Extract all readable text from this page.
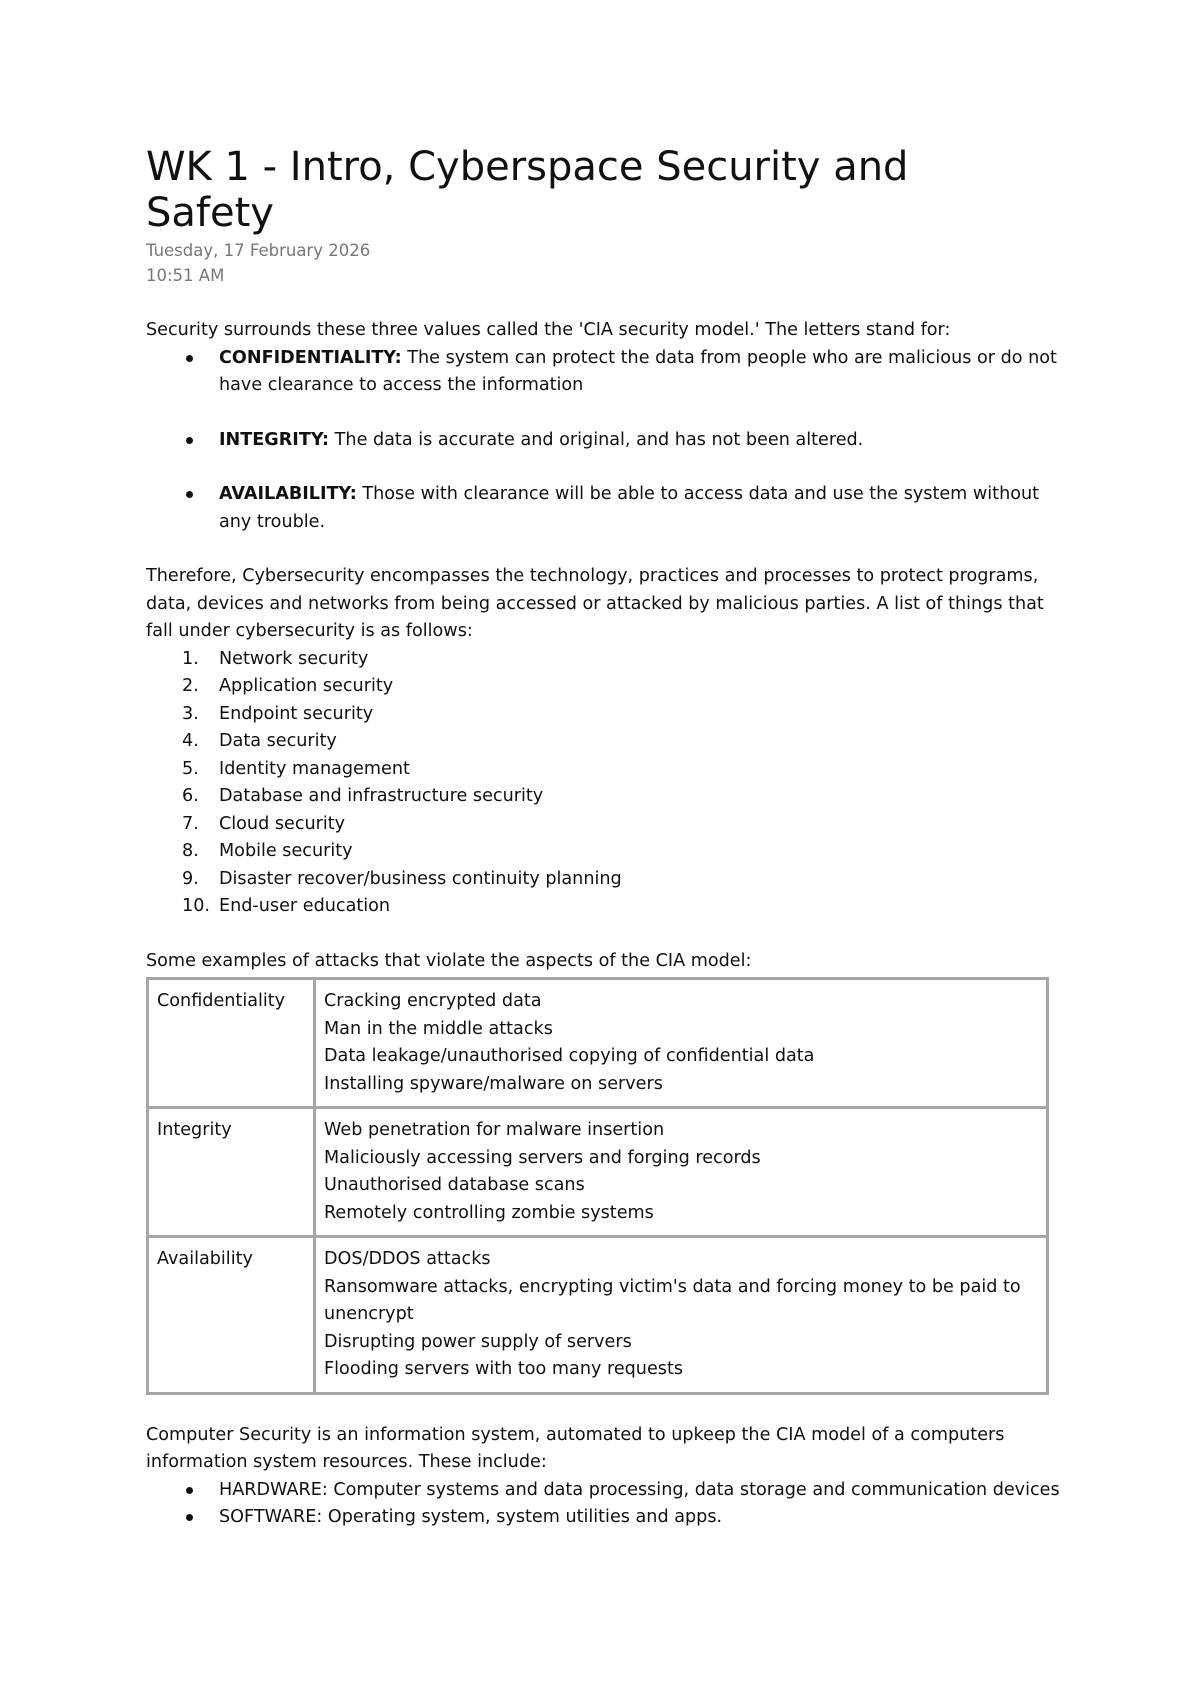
WK 1 - Intro, Cyberspace Security and Safety
Tuesday, 17 February 2026
10:51 AM
Security surrounds these three values called the 'CIA security model.' The letters stand for:
CONFIDENTIALITY: The system can protect the data from people who are malicious or do not have clearance to access the information
INTEGRITY: The data is accurate and original, and has not been altered.
AVAILABILITY: Those with clearance will be able to access data and use the system without any trouble.
Therefore, Cybersecurity encompasses the technology, practices and processes to protect programs, data, devices and networks from being accessed or attacked by malicious parties. A list of things that fall under cybersecurity is as follows:
1.	Network security
2.	Application security
3.	Endpoint security
4.	Data security
5.	Identity management
6.	Database and infrastructure security
7.	Cloud security
8.	Mobile security
9.	Disaster recover/business continuity planning
10. End-user education
Some examples of attacks that violate the aspects of the CIA model:
Confidentiality	Cracking encrypted data
Man in the middle attacks
Data leakage/unauthorised copying of confidential data
Installing spyware/malware on servers

Integrity	Web penetration for malware insertion
Maliciously accessing servers and forging records
Unauthorised database scans
Remotely controlling zombie systems

Availability	DOS/DDOS attacks
Ransomware attacks, encrypting victim's data and forcing money to be paid to unencrypt
Disrupting power supply of servers
Flooding servers with too many requests
Computer Security is an information system, automated to upkeep the CIA model of a computers information system resources. These include:
HARDWARE: Computer systems and data processing, data storage and communication devices
SOFTWARE: Operating system, system utilities and apps.
